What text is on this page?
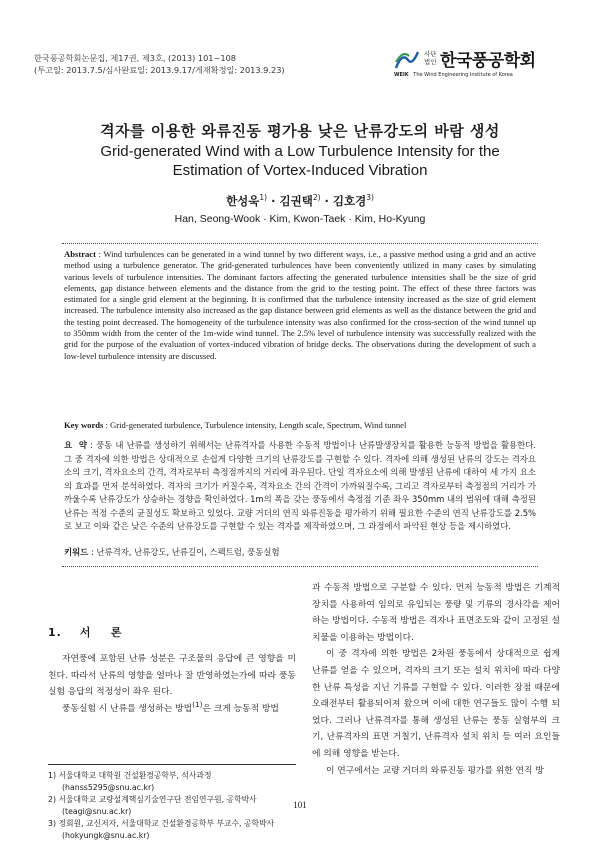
한국풍공학회논문집, 제17권, 제3호, (2013) 101~108
(투고일: 2013.7.5/심사완료일: 2013.9.17/게재확정일: 2013.9.23)
사단
법인 한국풍공학회
WEIK The Wind Engineering Institute of Korea
격자를 이용한 와류진동 평가용 낮은 난류강도의 바람 생성
Grid-generated Wind with a Low Turbulence Intensity for the
Estimation of Vortex-Induced Vibration
한성욱$^{1)}$ · 김권택$^{2)}$ · 김호경$^{3)}$
Han, Seong-Wook · Kim, Kwon-Taek · Kim, Ho-Kyung
Abstract : Wind turbulences can be generated in a wind tunnel by two different ways, i.e., a passive method using a grid and an active method using a turbulence generator. The grid-generated turbulences have been conveniently utilized in many cases by simulating various levels of turbulence intensities. The dominant factors affecting the generated turbulence intensities shall be the size of grid elements, gap distance between elements and the distance from the grid to the testing point. The effect of these three factors was estimated for a single grid element at the beginning. It is confirmed that the turbulence intensity increased as the size of grid element increased. The turbulence intensity also increased as the gap distance between grid elements as well as the distance between the grid and the testing point decreased. The homogeneity of the turbulence intensity was also confirmed for the cross-section of the wind tunnel up to 350mm width from the center of the 1m-wide wind tunnel. The 2.5% level of turbulence intensity was successfully realized with the grid for the purpose of the evaluation of vortex-induced vibration of bridge decks. The observations during the development of such a low-level turbulence intensity are discussed.
Key words : Grid-generated turbulence, Turbulence intensity, Length scale, Spectrum, Wind tunnel
요  약 : 풍동 내 난류를 생성하기 위해서는 난류격자를 사용한 수동적 방법이나 난류발생장치를 활용한 능동적 방법을 활용한다. 그 중 격자에 의한 방법은 상대적으로 손쉽게 다양한 크기의 난류강도를 구현할 수 있다. 격자에 의해 생성된 난류의 강도는 격자요소의 크기, 격자요소의 간격, 격자로부터 측정점까지의 거리에 좌우된다. 단일 격자요소에 의해 발생된 난류에 대하여 세 가지 요소의 효과를 먼저 분석하였다. 격자의 크기가 커질수록, 격자요소 간의 간격이 가까워질수록, 그리고 격자로부터 측정점의 거리가 가까울수록 난류강도가 상승하는 경향을 확인하였다. 1m의 폭을 갖는 풍동에서 측정점 기준 좌우 350mm 내의 범위에 대해 측정된 난류는 적정 수준의 균질성도 확보하고 있었다. 교량 거더의 연직 와류진동을 평가하기 위해 필요한 수준의 연직 난류강도를 2.5%로 보고 이와 같은 낮은 수준의 난류강도를 구현할 수 있는 격자를 제작하였으며, 그 과정에서 파악된 현상 등을 제시하였다.
키워드 : 난류격자, 난류강도, 난류길이, 스펙트럼, 풍동실험
1. 서    론

자연풍에 포함된 난류 성분은 구조물의 응답에 큰 영향을 미친다. 따라서 난류의 영향을 얼마나 잘 반영하였는가에 따라 풍동실험 응답의 적정성이 좌우 된다.

풍동실험 시 난류를 생성하는 방법$^{(1)}$은 크게 능동적 방법

1) 서울대학교 대학원 건설환경공학부, 석사과정 (hanss5295@snu.ac.kr)

2) 서울대학교 교량설계핵심기술연구단 전임연구원, 공학박사 (teagi@snu.ac.kr)

3) 정회원, 교신저자, 서울대학교 건설환경공학부 부교수, 공학박사 (hokyungk@snu.ac.kr)

과 수동적 방법으로 구분할 수 있다. 먼저 능동적 방법은 기계적 장치를 사용하여 임의로 유입되는 풍량 및 기류의 경사각을 제어하는 방법이다. 수동적 방법은 격자나 표면조도와 같이 고정된 설치물을 이용하는 방법이다.

이 중 격자에 의한 방법은 2차원 풍동에서 상대적으로 쉽게 난류를 얻을 수 있으며, 격자의 크기 또는 설치 위치에 따라 다양한 난류 특성을 지닌 기류를 구현할 수 있다. 이러한 장점 때문에 오래전부터 활용되어져 왔으며 이에 대한 연구들도 많이 수행 되었다. 그러나 난류격자를 통해 생성된 난류는 풍동 실험부의 크기, 난류격자의 표면 거칠기, 난류격자 설치 위치 등 여러 요인들에 의해 영향을 받는다.

이 연구에서는 교량 거더의 와류진동 평가를 위한 연직 방

101
